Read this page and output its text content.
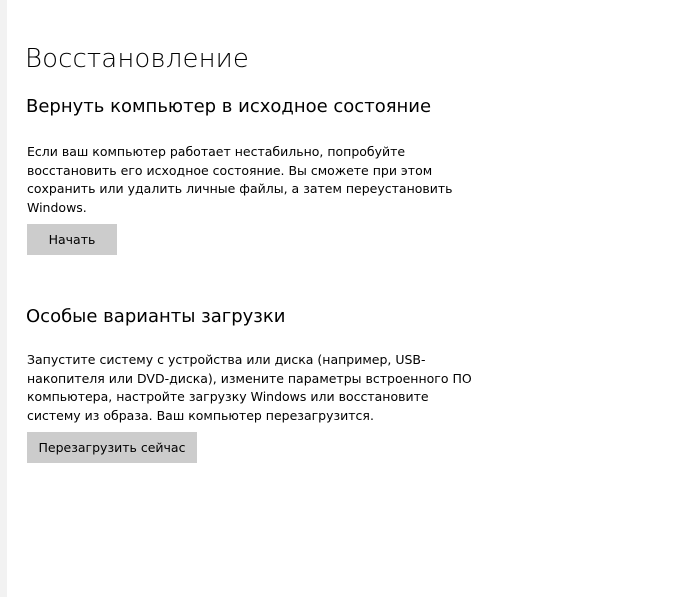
Восстановление
Вернуть компьютер в исходное состояние

Если ваш компьютер работает нестабильно, попробуйте восстановить его исходное состояние. Вы сможете при этом сохранить или удалить личные файлы, а затем переустановить Windows.

Начать
Особые варианты загрузки

Запустите систему с устройства или диска (например, USB-накопителя или DVD-диска), измените параметры встроенного ПО компьютера, настройте загрузку Windows или восстановите систему из образа. Ваш компьютер перезагрузится.

Перезагрузить сейчас
